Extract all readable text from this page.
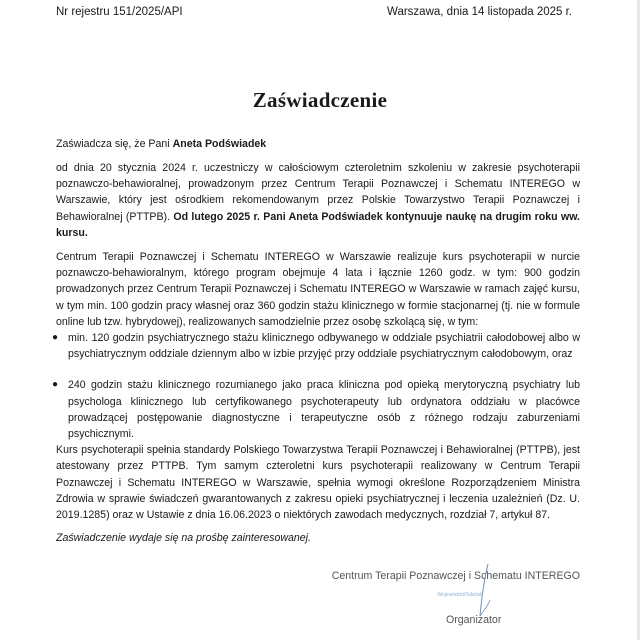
Nr rejestru 151/2025/API	Warszawa, dnia 14 listopada 2025 r.
Zaświadczenie
Zaświadcza się, że Pani Aneta Podświadek
od dnia 20 stycznia 2024 r. uczestniczy w całościowym czteroletnim szkoleniu w zakresie psychoterapii poznawczo-behawioralnej, prowadzonym przez Centrum Terapii Poznawczej i Schematu INTEREGO w Warszawie, który jest ośrodkiem rekomendowanym przez Polskie Towarzystwo Terapii Poznawczej i Behawioralnej (PTTPB). Od lutego 2025 r. Pani Aneta Podświadek kontynuuje naukę na drugim roku ww. kursu.

Centrum Terapii Poznawczej i Schematu INTEREGO w Warszawie realizuje kurs psychoterapii w nurcie poznawczo-behawioralnym, którego program obejmuje 4 lata i łącznie 1260 godz. w tym: 900 godzin prowadzonych przez Centrum Terapii Poznawczej i Schematu INTEREGO w Warszawie w ramach zajęć kursu, w tym min. 100 godzin pracy własnej oraz 360 godzin stażu klinicznego w formie stacjonarnej (tj. nie w formule online lub tzw. hybrydowej), realizowanych samodzielnie przez osobę szkolącą się, w tym:

● min. 120 godzin psychiatrycznego stażu klinicznego odbywanego w oddziale psychiatrii całodobowej albo w psychiatrycznym oddziale dziennym albo w izbie przyjęć przy oddziale psychiatrycznym całodobowym, oraz
● 240 godzin stażu klinicznego rozumianego jako praca kliniczna pod opieką merytoryczną psychiatry lub psychologa klinicznego lub certyfikowanego psychoterapeuty lub ordynatora oddziału w placówce prowadzącej postępowanie diagnostyczne i terapeutyczne osób z różnego rodzaju zaburzeniami psychicznymi.

Kurs psychoterapii spełnia standardy Polskiego Towarzystwa Terapii Poznawczej i Behawioralnej (PTTPB), jest atestowany przez PTTPB. Tym samym czteroletni kurs psychoterapii realizowany w Centrum Terapii Poznawczej i Schematu INTEREGO w Warszawie, spełnia wymogi określone Rozporządzeniem Ministra Zdrowia w sprawie świadczeń gwarantowanych z zakresu opieki psychiatrycznej i leczenia uzależnień (Dz. U. 2019.1285) oraz w Ustawie z dnia 16.06.2023 o niektórych zawodach medycznych, rozdział 7, artykuł 87.

Zaświadczenie wydaje się na prośbę zainteresowanej.
Centrum Terapii Poznawczej i Schematu INTEREGO
Wojewódzki/Gdańsk
Organizator
